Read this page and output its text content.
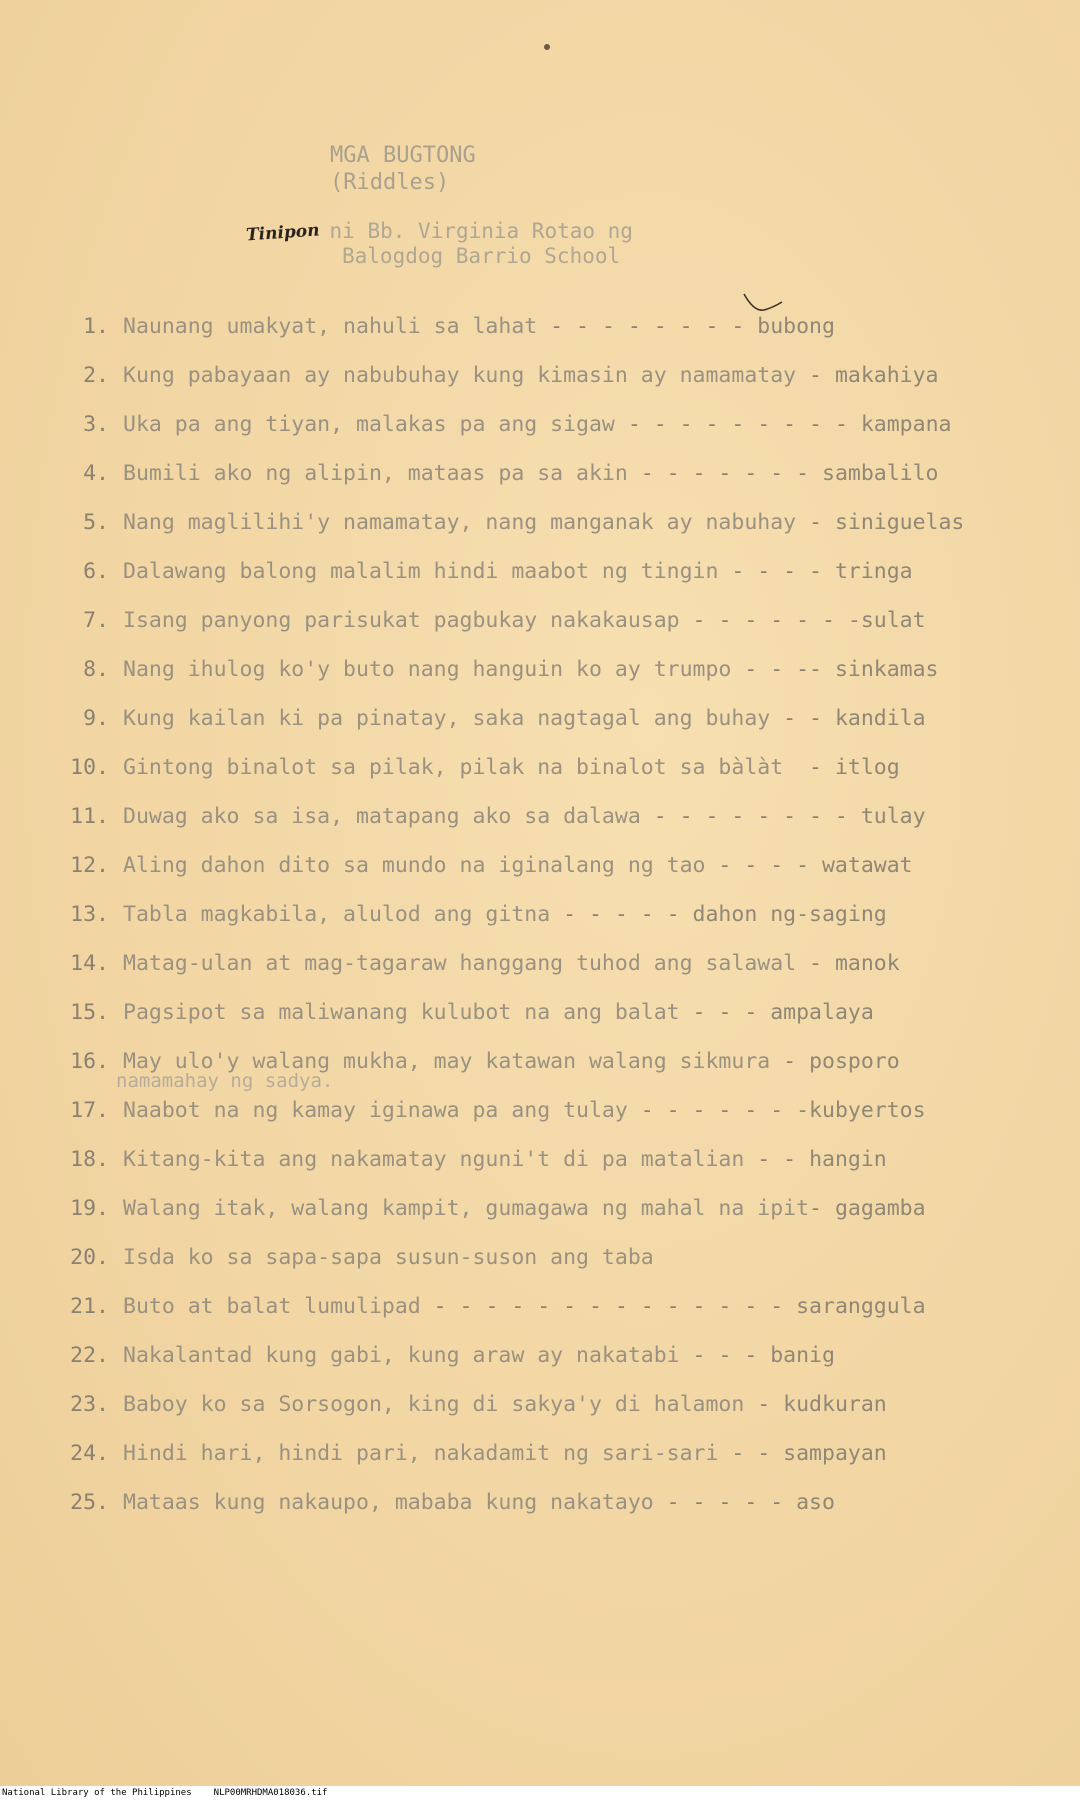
MGA BUGTONG
(Riddles)
Tinipon ni Bb. Virginia Rotao ng
Balogdog Barrio School
1. Naunang umakyat, nahuli sa lahat - - - - - - - - bubong
2. Kung pabayaan ay nabubuhay kung kimasin ay namamatay - makahiya
3. Uka pa ang tiyan, malakas pa ang sigaw - - - - - - - - - kampana
4. Bumili ako ng alipin, mataas pa sa akin - - - - - - - sambalilo
5. Nang maglilihi'y namamatay, nang manganak ay nabuhay - siniguelas
6. Dalawang balong malalim hindi maabot ng tingin - - - - tringa
7. Isang panyong parisukat pagbukay nakakausap - - - - - - -sulat
8. Nang ihulog ko'y buto nang hanguin ko ay trumpo - - -- sinkamas
9. Kung kailan ki pa pinatay, saka nagtagal ang buhay - - kandila
10. Gintong binalot sa pilak, pilak na binalot sa bàlàt - itlog
11. Duwag ako sa isa, matapang ako sa dalawa - - - - - - - - tulay
12. Aling dahon dito sa mundo na iginalang ng tao - - - - watawat
13. Tabla magkabila, alulod ang gitna - - - - - dahon ng-saging
14. Matag-ulan at mag-tagaraw hanggang tuhod ang salawal - manok
15. Pagsipot sa maliwanang kulubot na ang balat - - - ampalaya
16. May ulo'y walang mukha, may katawan walang sikmura - posporo
17. Naabot na ng kamay iginawa pa ang tulay - - - - - - -kubyertos
18. Kitang-kita ang nakamatay nguni't di pa matalian - - hangin
19. Walang itak, walang kampit, gumagawa ng mahal na ipit - gagamba
20. Isda ko sa sapa-sapa susun-suson ang taba
21. Buto at balat lumulipad - - - - - - - - - - - - - - saranggula
22. Nakalantad kung gabi, kung araw ay nakatabi - - - banig
23. Baboy ko sa Sorsogon, king di sakya'y di halamon - kudkuran
24. Hindi hari, hindi pari, nakadamit ng sari-sari - - sampayan
25. Mataas kung nakaupo, mababa kung nakatayo - - - - - aso
namamahay ng sadya.
National Library of the Philippines NLP00MRHDMA018036.tif
